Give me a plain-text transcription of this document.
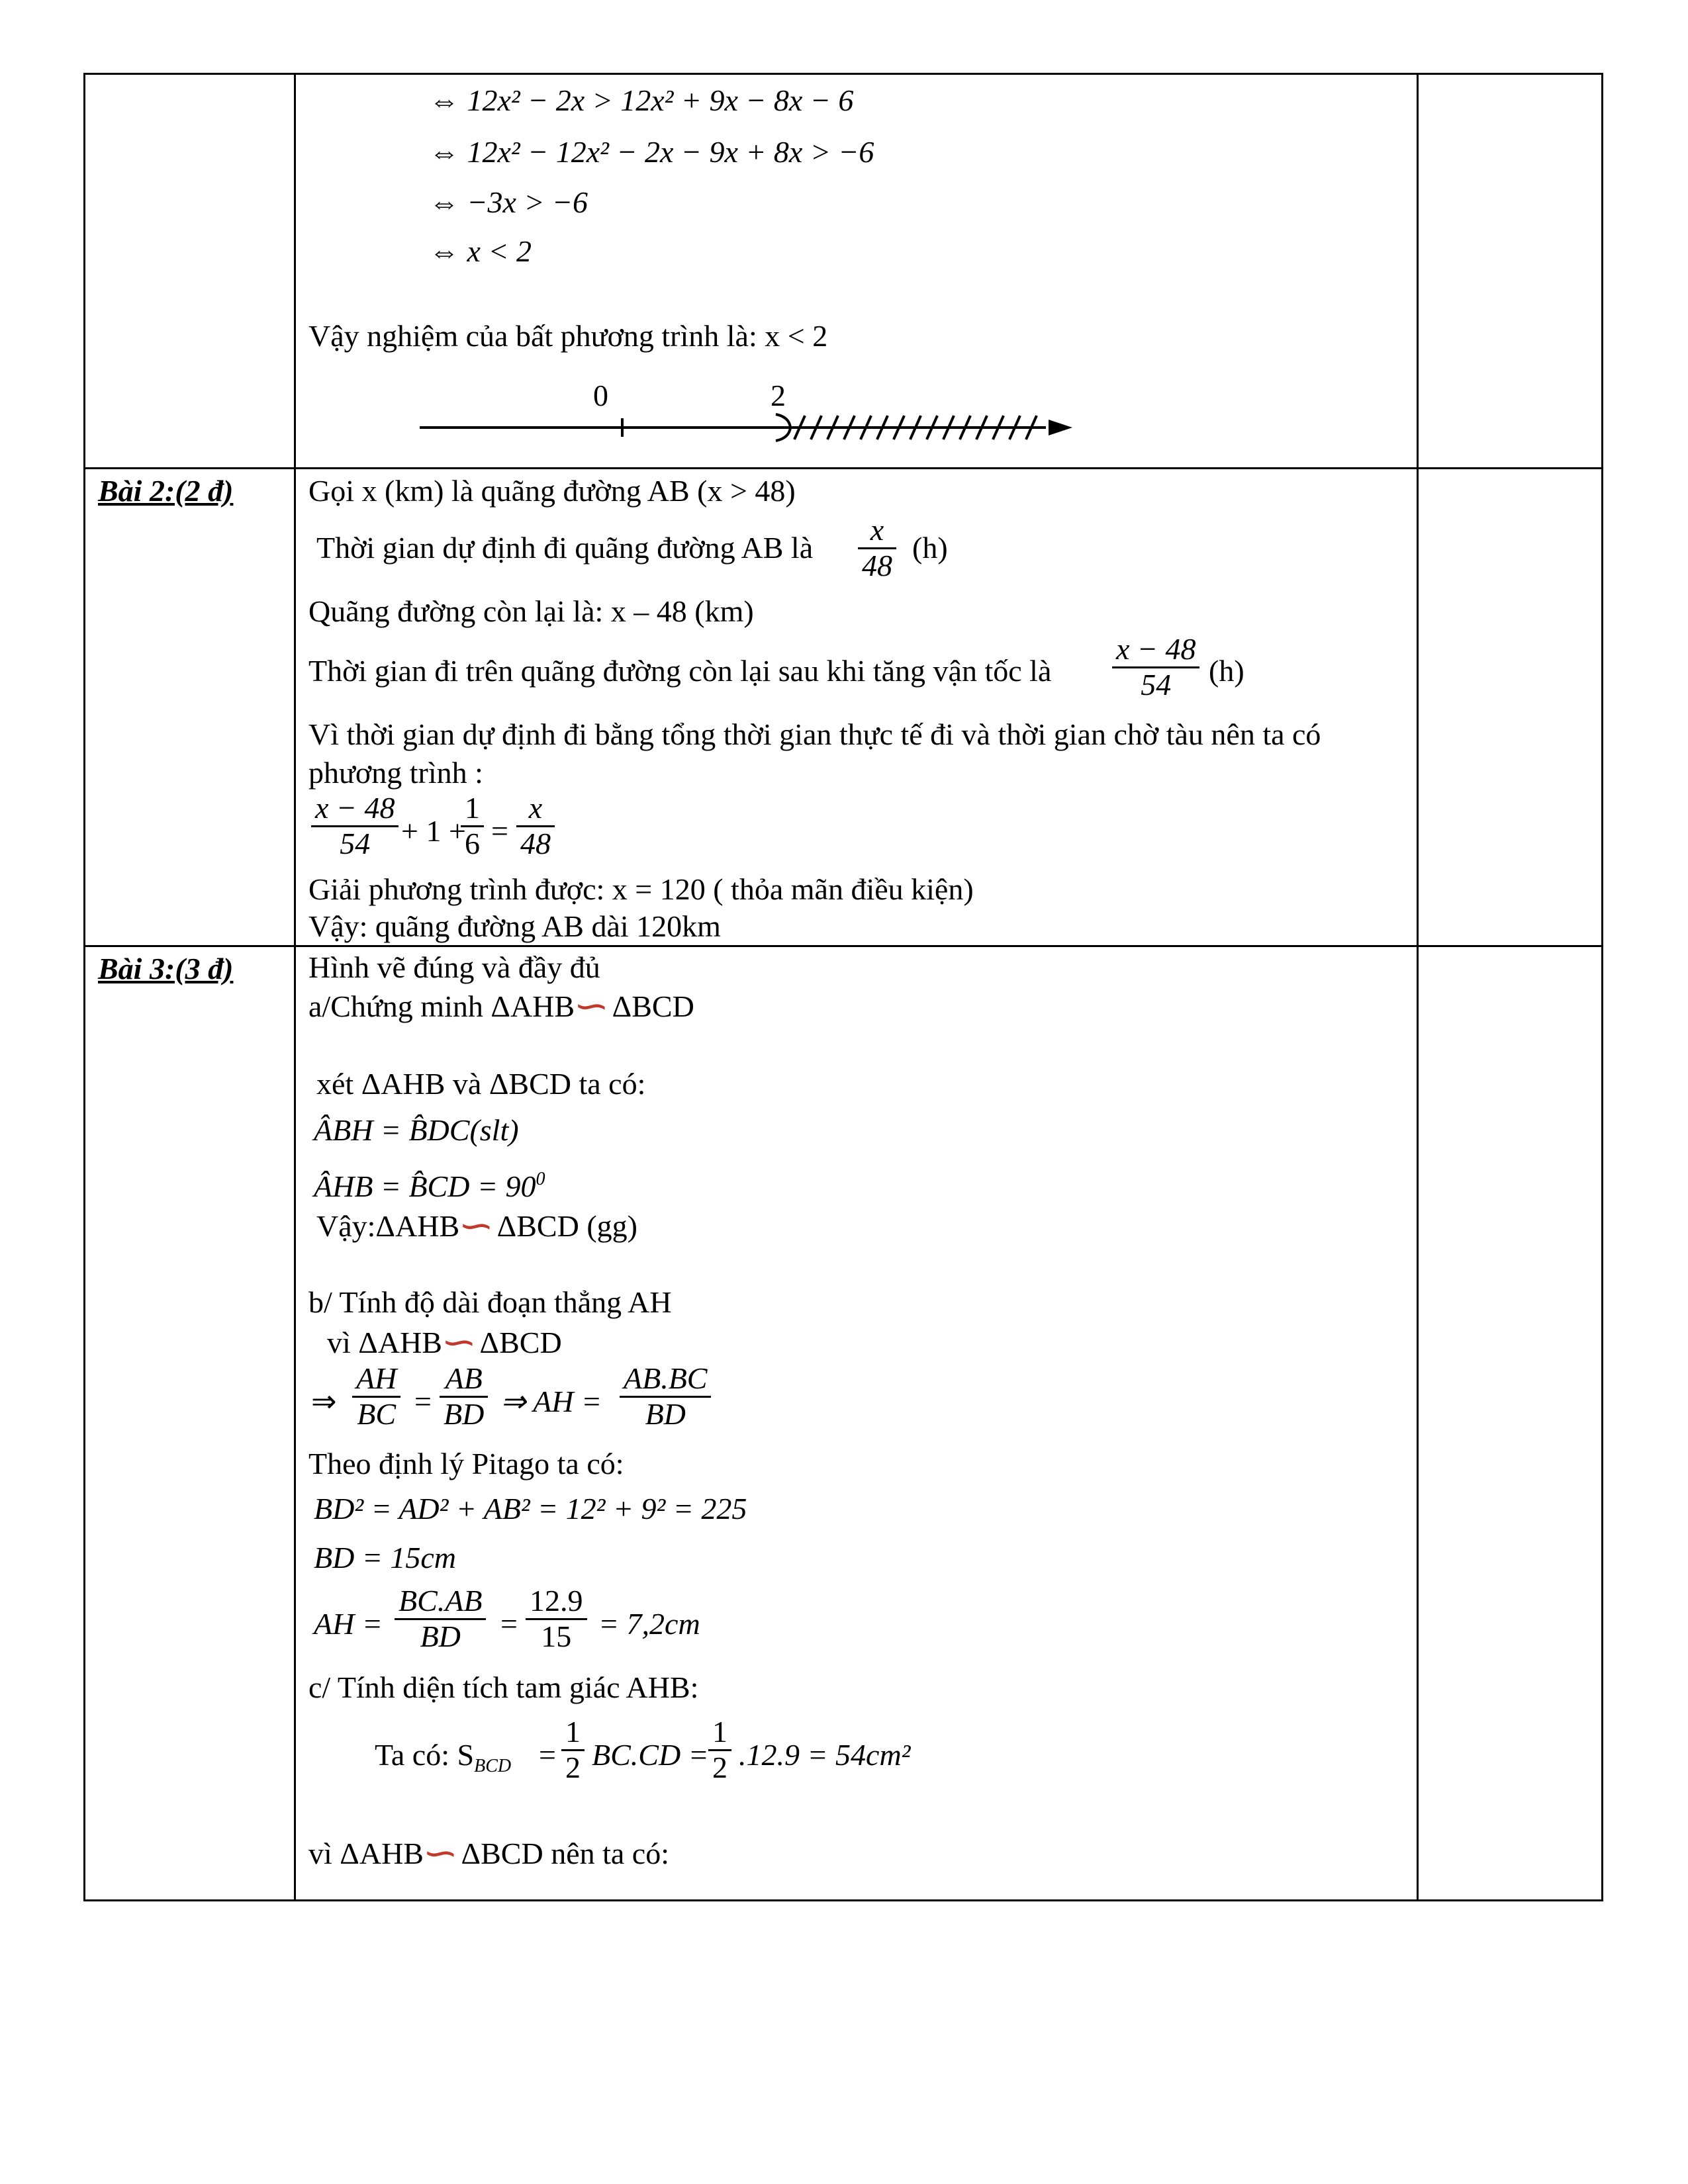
⇔ 12x² − 2x > 12x² + 9x − 8x − 6
⇔ 12x² − 12x² − 2x − 9x + 8x > −6
⇔ −3x > −6
⇔ x < 2
Vậy nghiệm của bất phương trình là: x < 2
0	2
Bài 2:(2 đ) Gọi x (km) là quãng đường AB (x > 48)
Thời gian dự định đi quãng đường AB là $\frac{x}{48} (h)$
Quãng đường còn lại là: x – 48 (km)
Thời gian đi trên quãng đường còn lại sau khi tăng vận tốc là $\frac{x - 48}{54} (h)$
Vì thời gian dự định đi bằng tổng thời gian thực tế đi và thời gian chờ tàu nên ta có
phương trình :
$\frac{x - 48}{54} + 1$ +
$\frac{1}{6} = \frac{x}{48}$
Giải phương trình được: x = 120 ( thỏa mãn điều kiện)
Vậy: quãng đường AB dài 120km
Bài 3:(3 đ) Hình vẽ đúng và đầy đủ
a/Chứng minh ΔAHB∽ΔBCD
xét ΔAHB và ΔBCD ta có:
ÂBH = B̂DC(slt)
ÂHB = B̂CD = $90^0$
Vậy:ΔAHB∽ΔBCD (gg)
b/ Tính độ dài đoạn thẳng AH
vì ΔAHB∽ΔBCD
⇒ $\frac{AH}{BC} = \frac{AB}{BD}$ ⇒ AH = $\frac{AB.BC}{BD}$
Theo định lý Pitago ta có:
BD² = AD² + AB² = 12² + 9² = 225
BD = 15cm
AH = $\frac{BC.AB}{BD} = \frac{12.9}{15} = 7,2cm$
c/ Tính diện tích tam giác AHB:
Ta có: $S_{BCD} = \frac{1}{2} BC.CD = \frac{1}{2} .12.9 = 54cm^2$
vì ΔAHB∽ΔBCD nên ta có:
